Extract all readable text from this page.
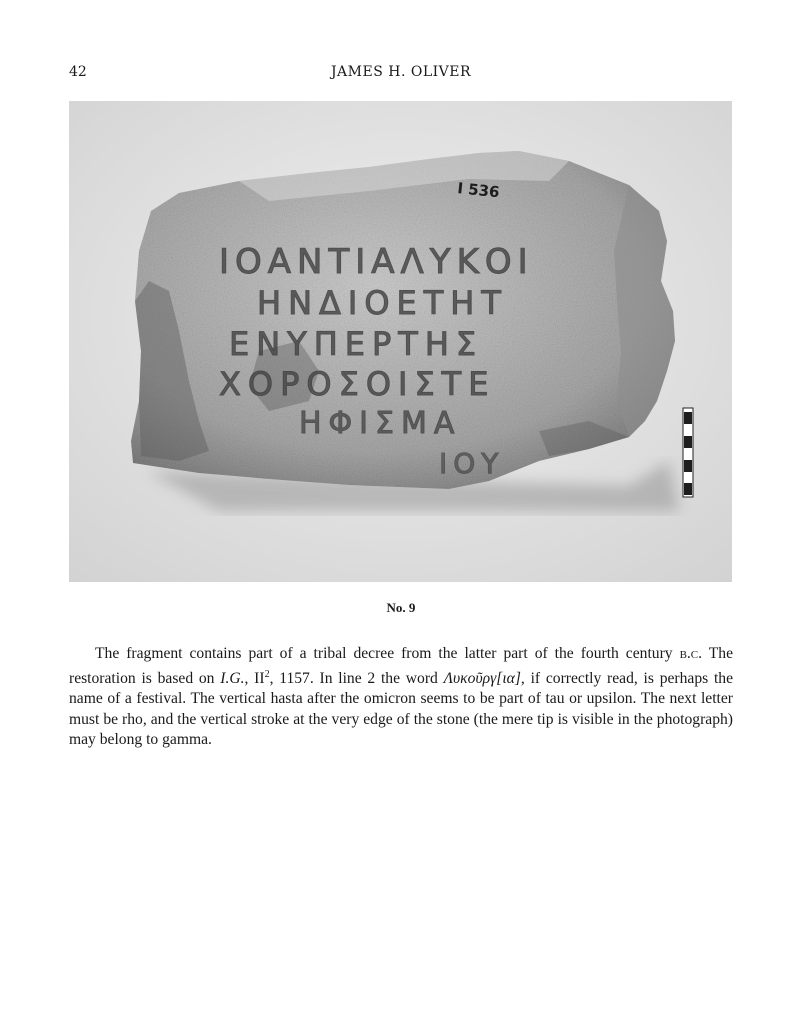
42	JAMES H. OLIVER
I 536
ΙΟΑΝΤΙΑΛΥΚΟΙ
ΗΝΔΙΟΕΤΗΤ
ΕΝΥΠΕΡΤΗΣ
ΧΟΡΟΣΟΙΣΤΕ
ΗΦΙΣΜΑ
ΙΟΥ
No. 9

The fragment contains part of a tribal decree from the latter part of the fourth century b.c. The restoration is based on I.G., $II^2$, 1157. In line 2 the word Λυκοῦργ[ια], if correctly read, is perhaps the name of a festival. The vertical hasta after the omicron seems to be part of tau or upsilon. The next letter must be rho, and the vertical stroke at the very edge of the stone (the mere tip is visible in the photograph) may belong to gamma.
